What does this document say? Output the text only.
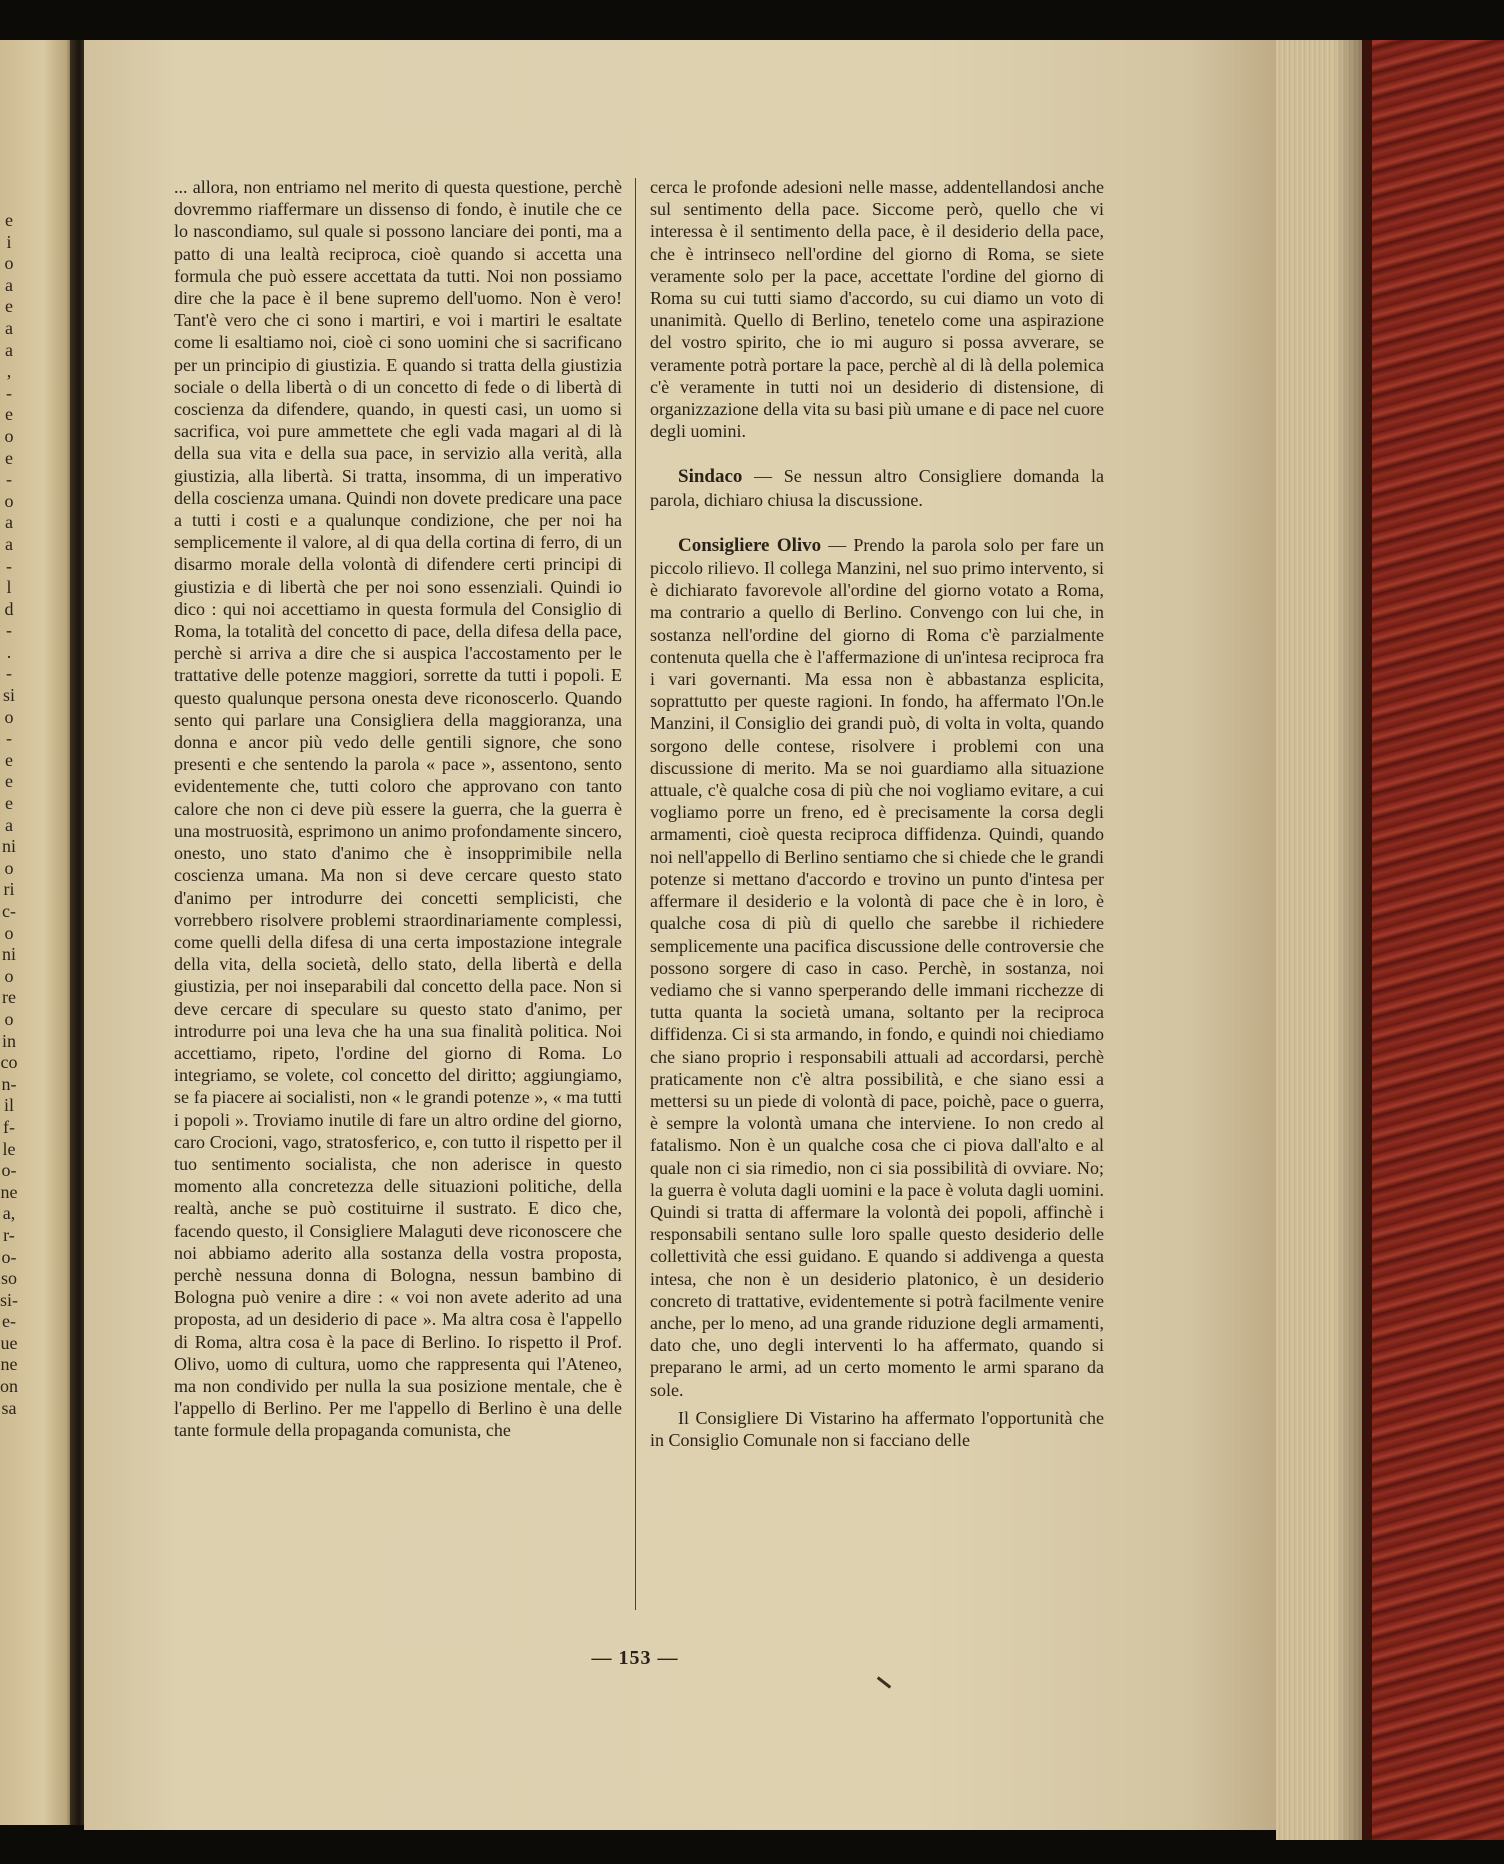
e
i
o
a
e
a
a
,
-
e
o
e
-
o
a
a
-
l
d
-
.
-
si
o
-
e
e
e
a
ni
o
ri
c-
o
ni
o
re
o
in
co
n-
il
f-
le
o-
ne
a,
r-
o-
so
si-
e-
ue
ne
on
sa

... allora, non entriamo nel merito di questa questione, perchè dovremmo riaffermare un dissenso di fondo, è inutile che ce lo nascondiamo, sul quale si possono lanciare dei ponti, ma a patto di una lealtà reciproca, cioè quando si accetta una formula che può essere accettata da tutti. Noi non possiamo dire che la pace è il bene supremo dell'uomo. Non è vero! Tant'è vero che ci sono i martiri, e voi i martiri le esaltate come li esaltiamo noi, cioè ci sono uomini che si sacrificano per un principio di giustizia. E quando si tratta della giustizia sociale o della libertà o di un concetto di fede o di libertà di coscienza da difendere, quando, in questi casi, un uomo si sacrifica, voi pure ammettete che egli vada magari al di là della sua vita e della sua pace, in servizio alla verità, alla giustizia, alla libertà. Si tratta, insomma, di un imperativo della coscienza umana. Quindi non dovete predicare una pace a tutti i costi e a qualunque condizione, che per noi ha semplicemente il valore, al di qua della cortina di ferro, di un disarmo morale della volontà di difendere certi principi di giustizia e di libertà che per noi sono essenziali. Quindi io dico : qui noi accettiamo in questa formula del Consiglio di Roma, la totalità del concetto di pace, della difesa della pace, perchè si arriva a dire che si auspica l'accostamento per le trattative delle potenze maggiori, sorrette da tutti i popoli. E questo qualunque persona onesta deve riconoscerlo. Quando sento qui parlare una Consigliera della maggioranza, una donna e ancor più vedo delle gentili signore, che sono presenti e che sentendo la parola « pace », assentono, sento evidentemente che, tutti coloro che approvano con tanto calore che non ci deve più essere la guerra, che la guerra è una mostruosità, esprimono un animo profondamente sincero, onesto, uno stato d'animo che è insopprimibile nella coscienza umana. Ma non si deve cercare questo stato d'animo per introdurre dei concetti semplicisti, che vorrebbero risolvere problemi straordinariamente complessi, come quelli della difesa di una certa impostazione integrale della vita, della società, dello stato, della libertà e della giustizia, per noi inseparabili dal concetto della pace. Non si deve cercare di speculare su questo stato d'animo, per introdurre poi una leva che ha una sua finalità politica. Noi accettiamo, ripeto, l'ordine del giorno di Roma. Lo integriamo, se volete, col concetto del diritto; aggiungiamo, se fa piacere ai socialisti, non « le grandi potenze », « ma tutti i popoli ». Troviamo inutile di fare un altro ordine del giorno, caro Crocioni, vago, stratosferico, e, con tutto il rispetto per il tuo sentimento socialista, che non aderisce in questo momento alla concretezza delle situazioni politiche, della realtà, anche se può costituirne il sustrato. E dico che, facendo questo, il Consigliere Malaguti deve riconoscere che noi abbiamo aderito alla sostanza della vostra proposta, perchè nessuna donna di Bologna, nessun bambino di Bologna può venire a dire : « voi non avete aderito ad una proposta, ad un desiderio di pace ». Ma altra cosa è l'appello di Roma, altra cosa è la pace di Berlino. Io rispetto il Prof. Olivo, uomo di cultura, uomo che rappresenta qui l'Ateneo, ma non condivido per nulla la sua posizione mentale, che è l'appello di Berlino. Per me l'appello di Berlino è una delle tante formule della propaganda comunista, che

cerca le profonde adesioni nelle masse, addentellandosi anche sul sentimento della pace. Siccome però, quello che vi interessa è il sentimento della pace, è il desiderio della pace, che è intrinseco nell'ordine del giorno di Roma, se siete veramente solo per la pace, accettate l'ordine del giorno di Roma su cui tutti siamo d'accordo, su cui diamo un voto di unanimità. Quello di Berlino, tenetelo come una aspirazione del vostro spirito, che io mi auguro si possa avverare, se veramente potrà portare la pace, perchè al di là della polemica c'è veramente in tutti noi un desiderio di distensione, di organizzazione della vita su basi più umane e di pace nel cuore degli uomini.

Sindaco — Se nessun altro Consigliere domanda la parola, dichiaro chiusa la discussione.

Consigliere Olivo — Prendo la parola solo per fare un piccolo rilievo. Il collega Manzini, nel suo primo intervento, si è dichiarato favorevole all'ordine del giorno votato a Roma, ma contrario a quello di Berlino. Convengo con lui che, in sostanza nell'ordine del giorno di Roma c'è parzialmente contenuta quella che è l'affermazione di un'intesa reciproca fra i vari governanti. Ma essa non è abbastanza esplicita, soprattutto per queste ragioni. In fondo, ha affermato l'On.le Manzini, il Consiglio dei grandi può, di volta in volta, quando sorgono delle contese, risolvere i problemi con una discussione di merito. Ma se noi guardiamo alla situazione attuale, c'è qualche cosa di più che noi vogliamo evitare, a cui vogliamo porre un freno, ed è precisamente la corsa degli armamenti, cioè questa reciproca diffidenza. Quindi, quando noi nell'appello di Berlino sentiamo che si chiede che le grandi potenze si mettano d'accordo e trovino un punto d'intesa per affermare il desiderio e la volontà di pace che è in loro, è qualche cosa di più di quello che sarebbe il richiedere semplicemente una pacifica discussione delle controversie che possono sorgere di caso in caso. Perchè, in sostanza, noi vediamo che si vanno sperperando delle immani ricchezze di tutta quanta la società umana, soltanto per la reciproca diffidenza. Ci si sta armando, in fondo, e quindi noi chiediamo che siano proprio i responsabili attuali ad accordarsi, perchè praticamente non c'è altra possibilità, e che siano essi a mettersi su un piede di volontà di pace, poichè, pace o guerra, è sempre la volontà umana che interviene. Io non credo al fatalismo. Non è un qualche cosa che ci piova dall'alto e al quale non ci sia rimedio, non ci sia possibilità di ovviare. No; la guerra è voluta dagli uomini e la pace è voluta dagli uomini. Quindi si tratta di affermare la volontà dei popoli, affinchè i responsabili sentano sulle loro spalle questo desiderio delle collettività che essi guidano. E quando si addivenga a questa intesa, che non è un desiderio platonico, è un desiderio concreto di trattative, evidentemente si potrà facilmente venire anche, per lo meno, ad una grande riduzione degli armamenti, dato che, uno degli interventi lo ha affermato, quando si preparano le armi, ad un certo momento le armi sparano da sole.

Il Consigliere Di Vistarino ha affermato l'opportunità che in Consiglio Comunale non si facciano delle

— 153 —
